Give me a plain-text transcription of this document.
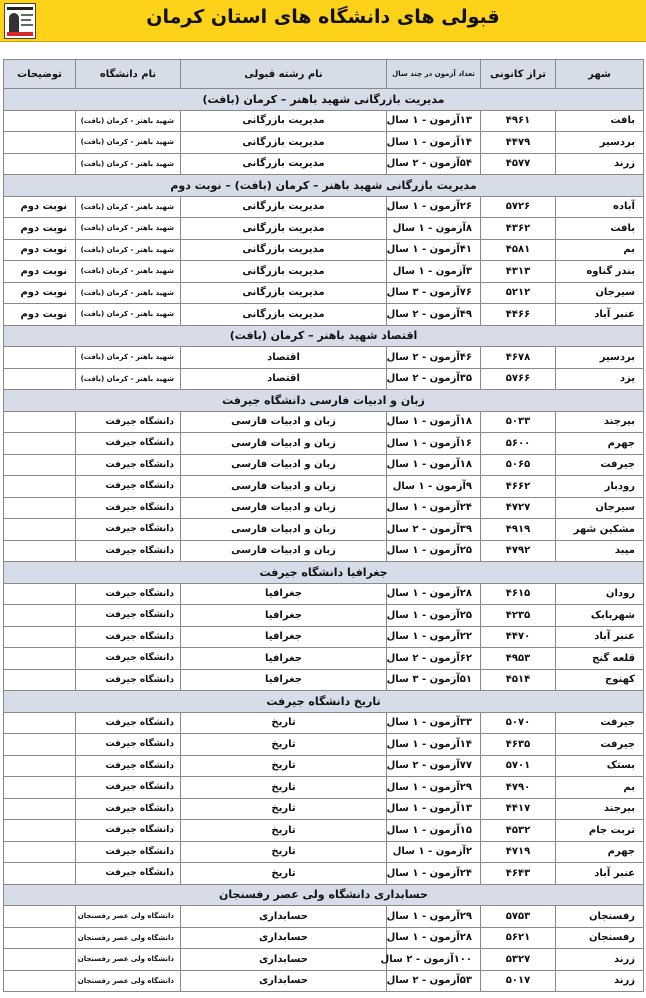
قبولی های دانشگاه های استان کرمان
شهر	تراز کانونی	تعداد آزمون در چند سال	نام رشته قبولی	نام دانشگاه	توضیحات
مدیریت بازرگانی شهید باهنر – کرمان (بافت)					
بافت	۴۹۶۱	۱۳آزمون - ۱ سال	مدیریت بازرگانی	شهید باهنر - کرمان (بافت)	
بردسیر	۴۴۷۹	۱۴آزمون - ۱ سال	مدیریت بازرگانی	شهید باهنر - کرمان (بافت)	
زرند	۴۵۷۷	۵۴آزمون - ۲ سال	مدیریت بازرگانی	شهید باهنر - کرمان (بافت)	
مدیریت بازرگانی شهید باهنر – کرمان (بافت) – نوبت دوم					
آباده	۵۷۲۶	۲۶آزمون - ۱ سال	مدیریت بازرگانی	شهید باهنر - کرمان (بافت)	نوبت دوم
بافت	۴۳۶۲	۸آزمون - ۱ سال	مدیریت بازرگانی	شهید باهنر - کرمان (بافت)	نوبت دوم
بم	۴۵۸۱	۴۱آزمون - ۱ سال	مدیریت بازرگانی	شهید باهنر - کرمان (بافت)	نوبت دوم
بندر گناوه	۴۳۱۳	۳آزمون - ۱ سال	مدیریت بازرگانی	شهید باهنر - کرمان (بافت)	نوبت دوم
سیرجان	۵۲۱۲	۷۶آزمون - ۳ سال	مدیریت بازرگانی	شهید باهنر - کرمان (بافت)	نوبت دوم
عنبر آباد	۴۴۶۶	۴۹آزمون - ۲ سال	مدیریت بازرگانی	شهید باهنر - کرمان (بافت)	نوبت دوم
اقتصاد شهید باهنر – کرمان (بافت)					
بردسیر	۴۶۷۸	۴۶آزمون - ۲ سال	اقتصاد	شهید باهنر - کرمان (بافت)	
یزد	۵۷۶۶	۳۵آزمون - ۲ سال	اقتصاد	شهید باهنر - کرمان (بافت)	
زبان و ادبیات فارسی دانشگاه جیرفت					
بیرجند	۵۰۳۳	۱۸آزمون - ۱ سال	زبان و ادبیات فارسی	دانشگاه جیرفت	
جهرم	۵۶۰۰	۱۶آزمون - ۱ سال	زبان و ادبیات فارسی	دانشگاه جیرفت	
جیرفت	۵۰۶۵	۱۸آزمون - ۱ سال	زبان و ادبیات فارسی	دانشگاه جیرفت	
رودبار	۴۶۶۲	۹آزمون - ۱ سال	زبان و ادبیات فارسی	دانشگاه جیرفت	
سیرجان	۴۷۲۷	۲۴آزمون - ۱ سال	زبان و ادبیات فارسی	دانشگاه جیرفت	
مشکین شهر	۴۹۱۹	۳۹آزمون - ۲ سال	زبان و ادبیات فارسی	دانشگاه جیرفت	
میبد	۴۷۹۲	۲۵آزمون - ۱ سال	زبان و ادبیات فارسی	دانشگاه جیرفت	
جغرافیا دانشگاه جیرفت					
رودان	۴۶۱۵	۲۸آزمون - ۱ سال	جغرافیا	دانشگاه جیرفت	
شهربابک	۴۲۳۵	۲۵آزمون - ۱ سال	جغرافیا	دانشگاه جیرفت	
عنبر آباد	۴۴۷۰	۲۲آزمون - ۱ سال	جغرافیا	دانشگاه جیرفت	
قلعه گنج	۴۹۵۳	۶۲آزمون - ۲ سال	جغرافیا	دانشگاه جیرفت	
کهنوج	۴۵۱۴	۵۱آزمون - ۳ سال	جغرافیا	دانشگاه جیرفت	
تاریخ دانشگاه جیرفت					
جیرفت	۵۰۷۰	۳۳آزمون - ۱ سال	تاریخ	دانشگاه جیرفت	
جیرفت	۴۶۳۵	۱۴آزمون - ۱ سال	تاریخ	دانشگاه جیرفت	
بستک	۵۷۰۱	۷۷آزمون - ۲ سال	تاریخ	دانشگاه جیرفت	
بم	۴۷۹۰	۲۹آزمون - ۱ سال	تاریخ	دانشگاه جیرفت	
بیرجند	۴۴۱۷	۱۳آزمون - ۱ سال	تاریخ	دانشگاه جیرفت	
تربت جام	۴۵۳۲	۱۵آزمون - ۱ سال	تاریخ	دانشگاه جیرفت	
جهرم	۴۷۱۹	۲آزمون - ۱ سال	تاریخ	دانشگاه جیرفت	
عنبر آباد	۴۶۴۳	۲۴آزمون - ۱ سال	تاریخ	دانشگاه جیرفت	
حسابداری دانشگاه ولی عصر رفسنجان					
رفسنجان	۵۷۵۳	۲۹آزمون - ۱ سال	حسابداری	دانشگاه ولی عصر رفسنجان	
رفسنجان	۵۶۲۱	۲۸آزمون - ۱ سال	حسابداری	دانشگاه ولی عصر رفسنجان	
زرند	۵۳۲۷	۱۰۰آزمون - ۲ سال	حسابداری	دانشگاه ولی عصر رفسنجان	
زرند	۵۰۱۷	۵۳آزمون - ۲ سال	حسابداری	دانشگاه ولی عصر رفسنجان	
